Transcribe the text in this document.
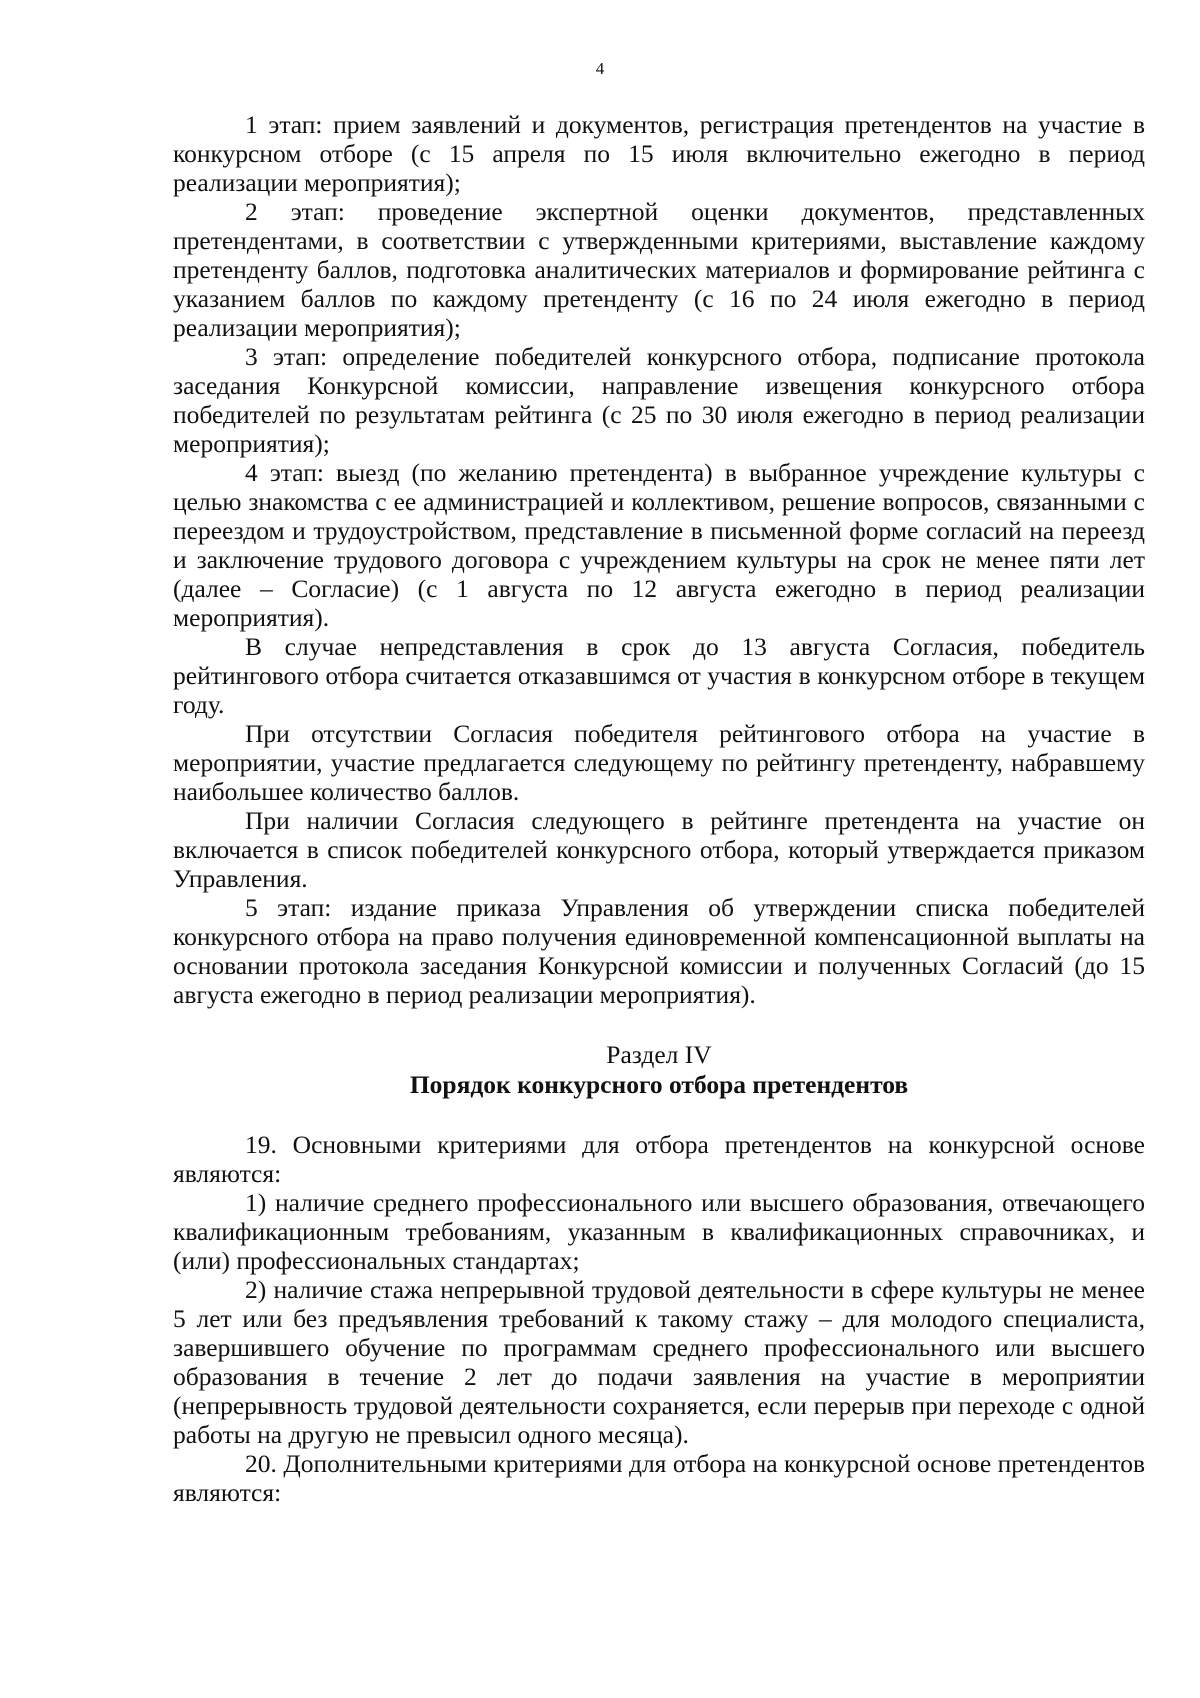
4

1 этап: прием заявлений и документов, регистрация претендентов на участие в конкурсном отборе (с 15 апреля по 15 июля включительно ежегодно в период реализации мероприятия);

2 этап: проведение экспертной оценки документов, представленных претендентами, в соответствии с утвержденными критериями, выставление каждому претенденту баллов, подготовка аналитических материалов и формирование рейтинга с указанием баллов по каждому претенденту (с 16 по 24 июля ежегодно в период реализации мероприятия);

3 этап: определение победителей конкурсного отбора, подписание протокола заседания Конкурсной комиссии, направление извещения конкурсного отбора победителей по результатам рейтинга (с 25 по 30 июля ежегодно в период реализации мероприятия);

4 этап: выезд (по желанию претендента) в выбранное учреждение культуры с целью знакомства с ее администрацией и коллективом, решение вопросов, связанными с переездом и трудоустройством, представление в письменной форме согласий на переезд и заключение трудового договора с учреждением культуры на срок не менее пяти лет (далее – Согласие) (с 1 августа по 12 августа ежегодно в период реализации мероприятия).

В случае непредставления в срок до 13 августа Согласия, победитель рейтингового отбора считается отказавшимся от участия в конкурсном отборе в текущем году.

При отсутствии Согласия победителя рейтингового отбора на участие в мероприятии, участие предлагается следующему по рейтингу претенденту, набравшему наибольшее количество баллов.

При наличии Согласия следующего в рейтинге претендента на участие он включается в список победителей конкурсного отбора, который утверждается приказом Управления.

5 этап: издание приказа Управления об утверждении списка победителей конкурсного отбора на право получения единовременной компенсационной выплаты на основании протокола заседания Конкурсной комиссии и полученных Согласий (до 15 августа ежегодно в период реализации мероприятия).

Раздел IV
Порядок конкурсного отбора претендентов

19. Основными критериями для отбора претендентов на конкурсной основе являются:

1) наличие среднего профессионального или высшего образования, отвечающего квалификационным требованиям, указанным в квалификационных справочниках, и (или) профессиональных стандартах;

2) наличие стажа непрерывной трудовой деятельности в сфере культуры не менее 5 лет или без предъявления требований к такому стажу – для молодого специалиста, завершившего обучение по программам среднего профессионального или высшего образования в течение 2 лет до подачи заявления на участие в мероприятии (непрерывность трудовой деятельности сохраняется, если перерыв при переходе с одной работы на другую не превысил одного месяца).

20. Дополнительными критериями для отбора на конкурсной основе претендентов являются:
